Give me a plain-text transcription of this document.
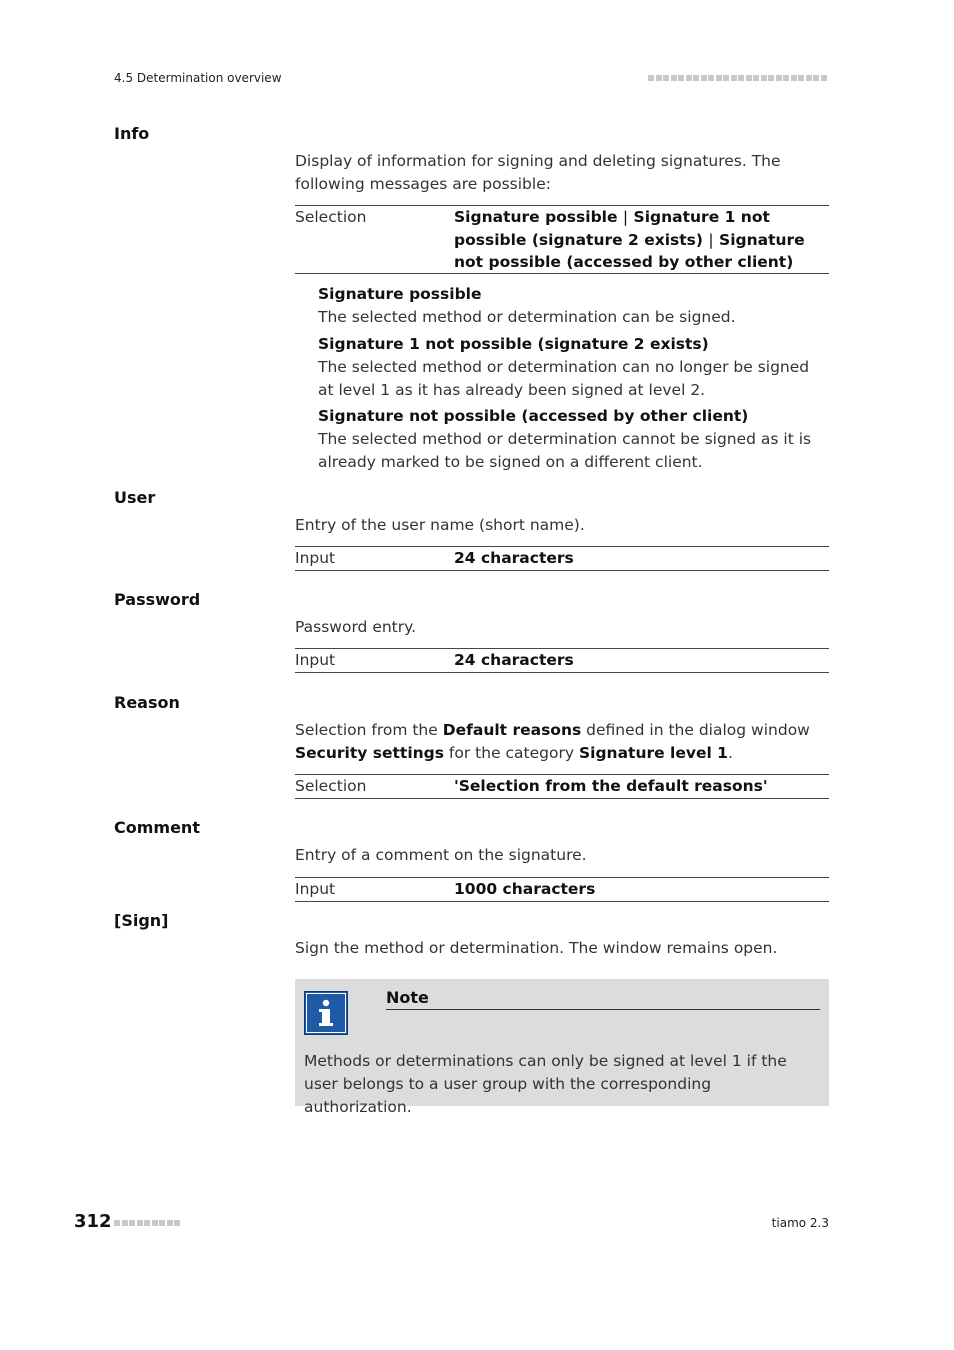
4.5 Determination overview
Info
Display of information for signing and deleting signatures. The following messages are possible:
Selection	Signature possible | Signature 1 not possible (signature 2 exists) | Signature not possible (accessed by other client)
Signature possible
The selected method or determination can be signed.
Signature 1 not possible (signature 2 exists)
The selected method or determination can no longer be signed at level 1 as it has already been signed at level 2.
Signature not possible (accessed by other client)
The selected method or determination cannot be signed as it is already marked to be signed on a different client.
User
Entry of the user name (short name).
Input	24 characters
Password
Password entry.
Input	24 characters
Reason
Selection from the Default reasons defined in the dialog window Security settings for the category Signature level 1.
Selection	'Selection from the default reasons'
Comment
Entry of a comment on the signature.
Input	1000 characters
[Sign]
Sign the method or determination. The window remains open.
Note
Methods or determinations can only be signed at level 1 if the user belongs to a user group with the corresponding authorization.
312	tiamo 2.3
